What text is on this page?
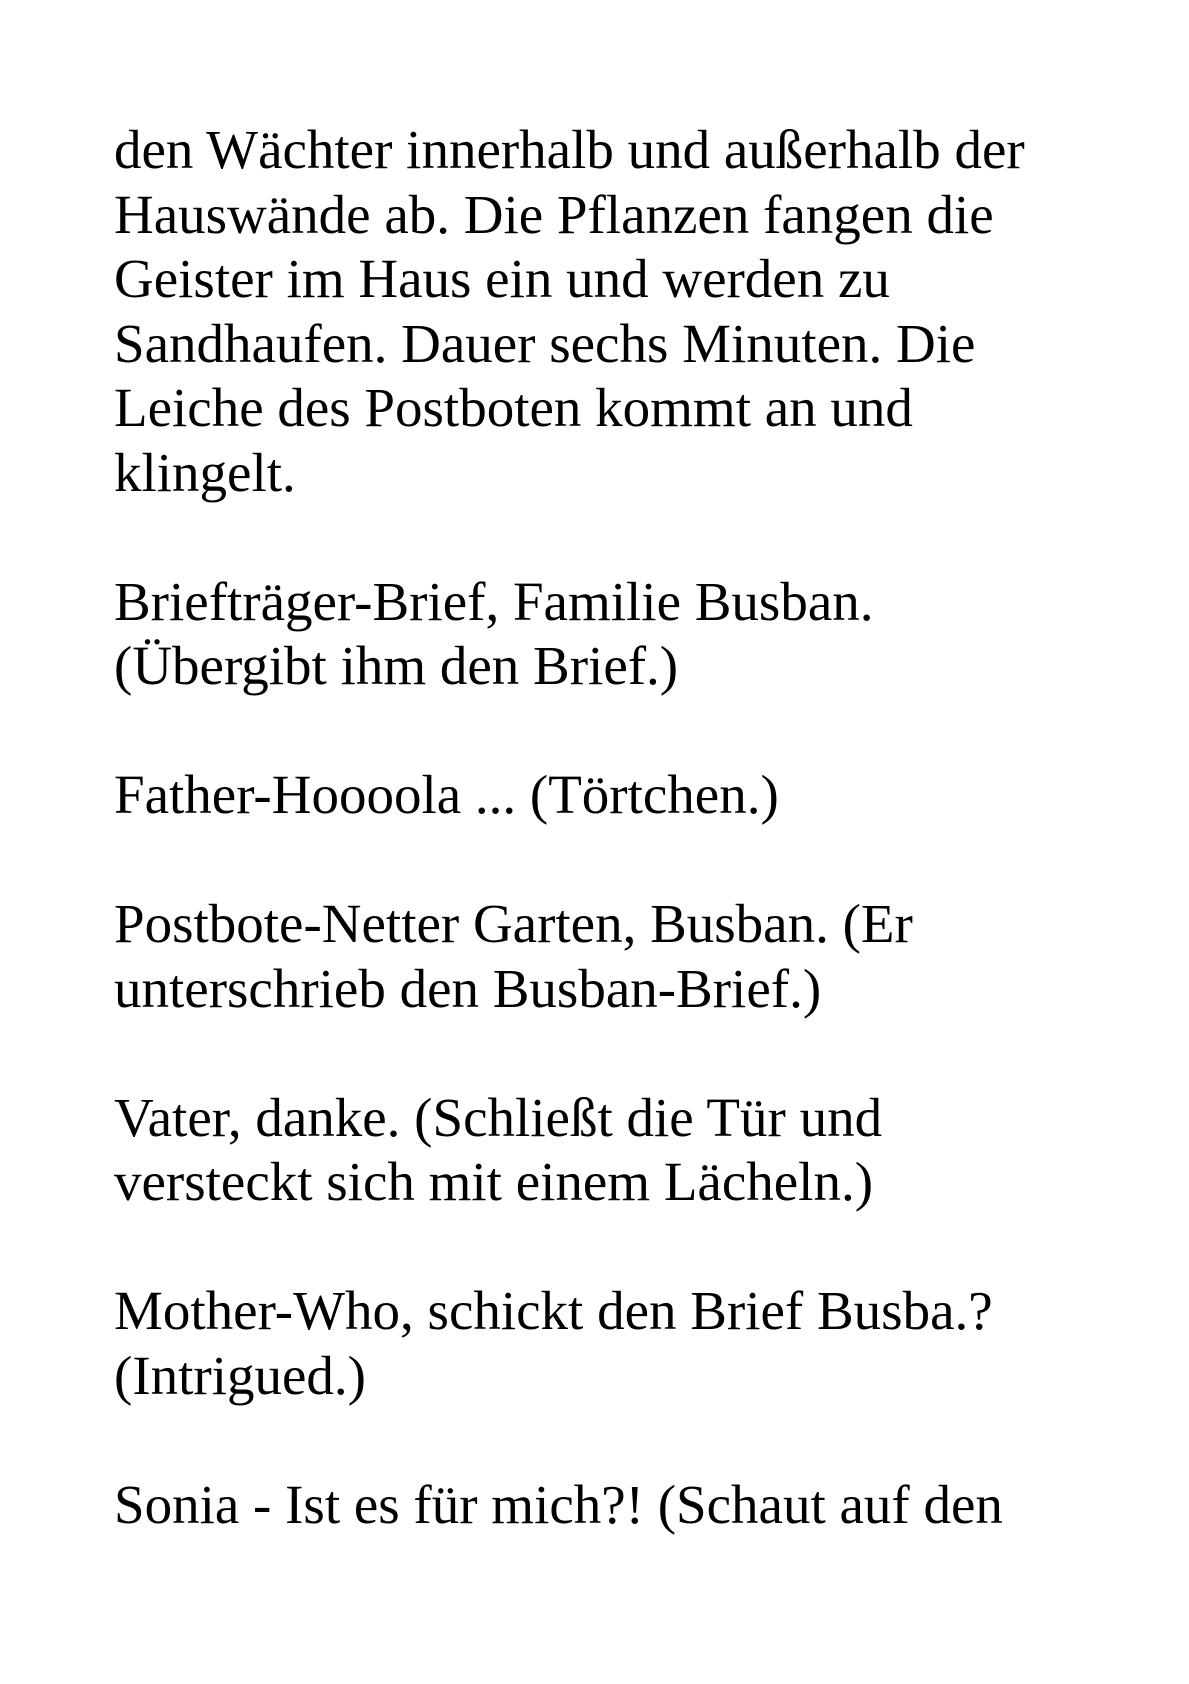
den Wächter innerhalb und außerhalb der
Hauswände ab. Die Pflanzen fangen die
Geister im Haus ein und werden zu
Sandhaufen. Dauer sechs Minuten. Die
Leiche des Postboten kommt an und
klingelt.

Briefträger-Brief, Familie Busban.
(Übergibt ihm den Brief.)

Father-Hoooola ... (Törtchen.)

Postbote-Netter Garten, Busban. (Er
unterschrieb den Busban-Brief.)

Vater, danke. (Schließt die Tür und
versteckt sich mit einem Lächeln.)

Mother-Who, schickt den Brief Busba.?
(Intrigued.)

Sonia - Ist es für mich?! (Schaut auf den
